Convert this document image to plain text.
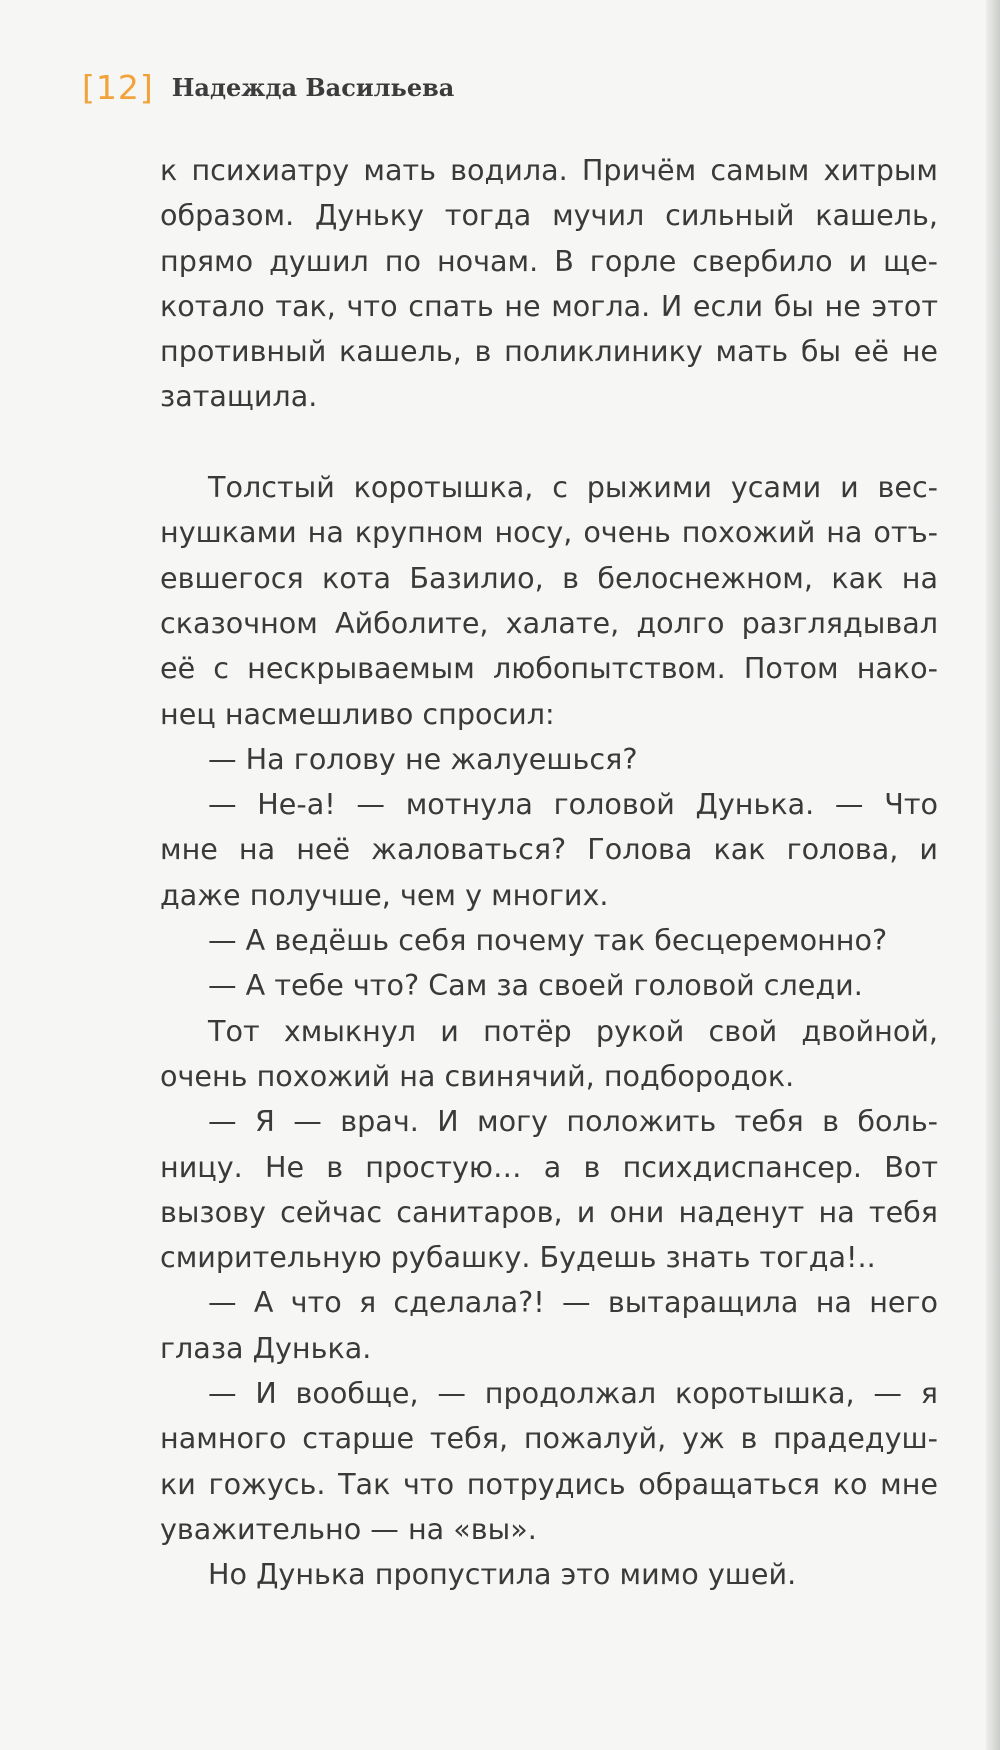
[12] Надежда Васильева
к психиатру мать водила. Причём самым хитрым
образом. Дуньку тогда мучил сильный кашель,
прямо душил по ночам. В горле свербило и ще-
котало так, что спать не могла. И если бы не этот
противный кашель, в поликлинику мать бы её не
затащила.
Толстый коротышка, с рыжими усами и вес-
нушками на крупном носу, очень похожий на отъ-
евшегося кота Базилио, в белоснежном, как на
сказочном Айболите, халате, долго разглядывал
её с нескрываемым любопытством. Потом нако-
нец насмешливо спросил:
— На голову не жалуешься?
— Не-а! — мотнула головой Дунька. — Что
мне на неё жаловаться? Голова как голова, и
даже получше, чем у многих.
— А ведёшь себя почему так бесцеремонно?
— А тебе что? Сам за своей головой следи.
Тот хмыкнул и потёр рукой свой двойной,
очень похожий на свинячий, подбородок.
— Я — врач. И могу положить тебя в боль-
ницу. Не в простую… а в психдиспансер. Вот
вызову сейчас санитаров, и они наденут на тебя
смирительную рубашку. Будешь знать тогда!..
— А что я сделала?! — вытаращила на него
глаза Дунька.
— И вообще, — продолжал коротышка, — я
намного старше тебя, пожалуй, уж в прадедуш-
ки гожусь. Так что потрудись обращаться ко мне
уважительно — на «вы».
Но Дунька пропустила это мимо ушей.
